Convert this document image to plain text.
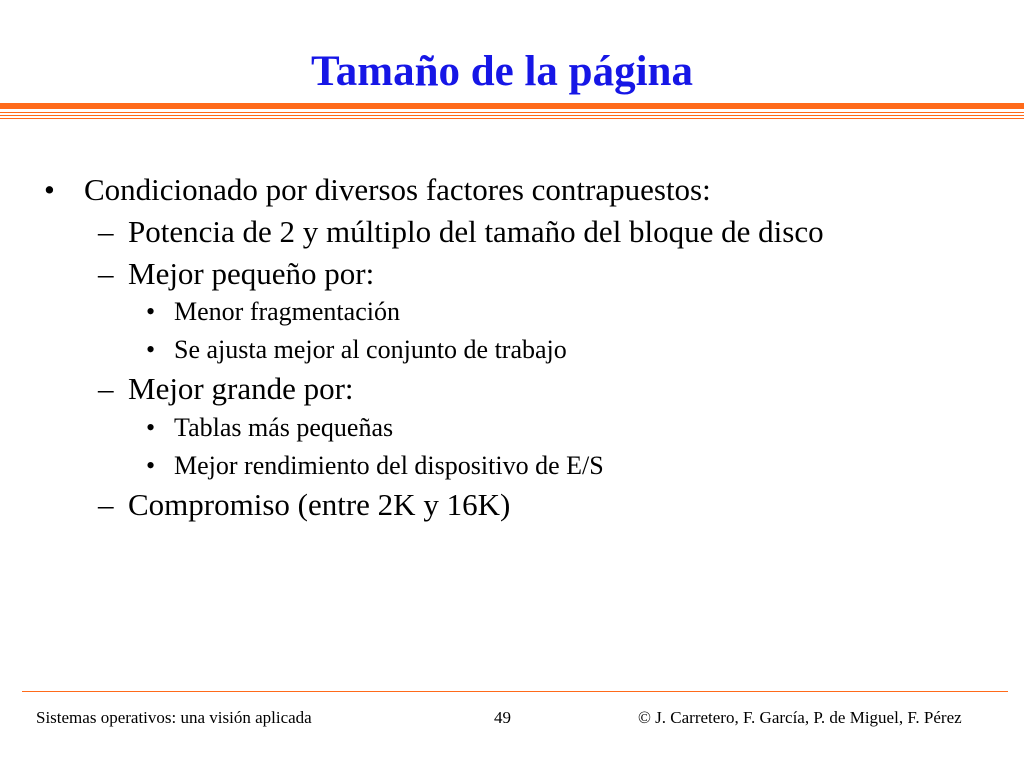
Tamaño de la página
• Condicionado por diversos factores contrapuestos:
– Potencia de 2 y múltiplo del tamaño del bloque de disco
– Mejor pequeño por:
• Menor fragmentación
• Se ajusta mejor al conjunto de trabajo
– Mejor grande por:
• Tablas más pequeñas
• Mejor rendimiento del dispositivo de E/S
– Compromiso (entre 2K y 16K)
Sistemas operativos: una visión aplicada	49	© J. Carretero, F. García, P. de Miguel, F. Pérez
